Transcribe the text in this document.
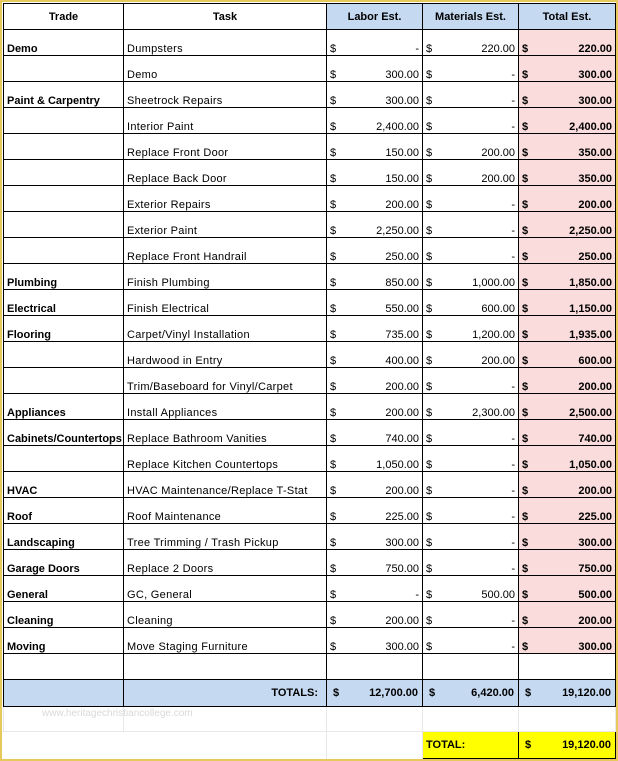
Trade	Task	Labor Est.	Materials Est.	Total Est.
Demo	Dumpsters	$ -	$ 220.00	$ 220.00

	Demo	$ 300.00	$ -	$ 300.00

Paint & Carpentry	Sheetrock Repairs	$ 300.00	$ -	$ 300.00

	Interior Paint	$ 2,400.00	$ -	$ 2,400.00

	Replace Front Door	$ 150.00	$ 200.00	$ 350.00

	Replace Back Door	$ 150.00	$ 200.00	$ 350.00

	Exterior Repairs	$ 200.00	$ -	$ 200.00

	Exterior Paint	$ 2,250.00	$ -	$ 2,250.00

	Replace Front Handrail	$ 250.00	$ -	$ 250.00

Plumbing	Finish Plumbing	$ 850.00	$ 1,000.00	$ 1,850.00

Electrical	Finish Electrical	$ 550.00	$ 600.00	$ 1,150.00

Flooring	Carpet/Vinyl Installation	$ 735.00	$ 1,200.00	$ 1,935.00

	Hardwood in Entry	$ 400.00	$ 200.00	$ 600.00

	Trim/Baseboard for Vinyl/Carpet	$ 200.00	$ -	$ 200.00

Appliances	Install Appliances	$ 200.00	$ 2,300.00	$ 2,500.00

Cabinets/Countertops	Replace Bathroom Vanities	$ 740.00	$ -	$ 740.00

	Replace Kitchen Countertops	$ 1,050.00	$ -	$ 1,050.00

HVAC	HVAC Maintenance/Replace T-Stat	$ 200.00	$ -	$ 200.00

Roof	Roof Maintenance	$ 225.00	$ -	$ 225.00

Landscaping	Tree Trimming / Trash Pickup	$ 300.00	$ -	$ 300.00

Garage Doors	Replace 2 Doors	$ 750.00	$ -	$ 750.00

General	GC, General	$ -	$ 500.00	$ 500.00

Cleaning	Cleaning	$ 200.00	$ -	$ 200.00

Moving	Move Staging Furniture	$ 300.00	$ -	$ 300.00

	TOTALS:	$ 12,700.00	$ 6,420.00	$ 19,120.00

			TOTAL:	$ 19,120.00
www.heritagechristiancollege.com
